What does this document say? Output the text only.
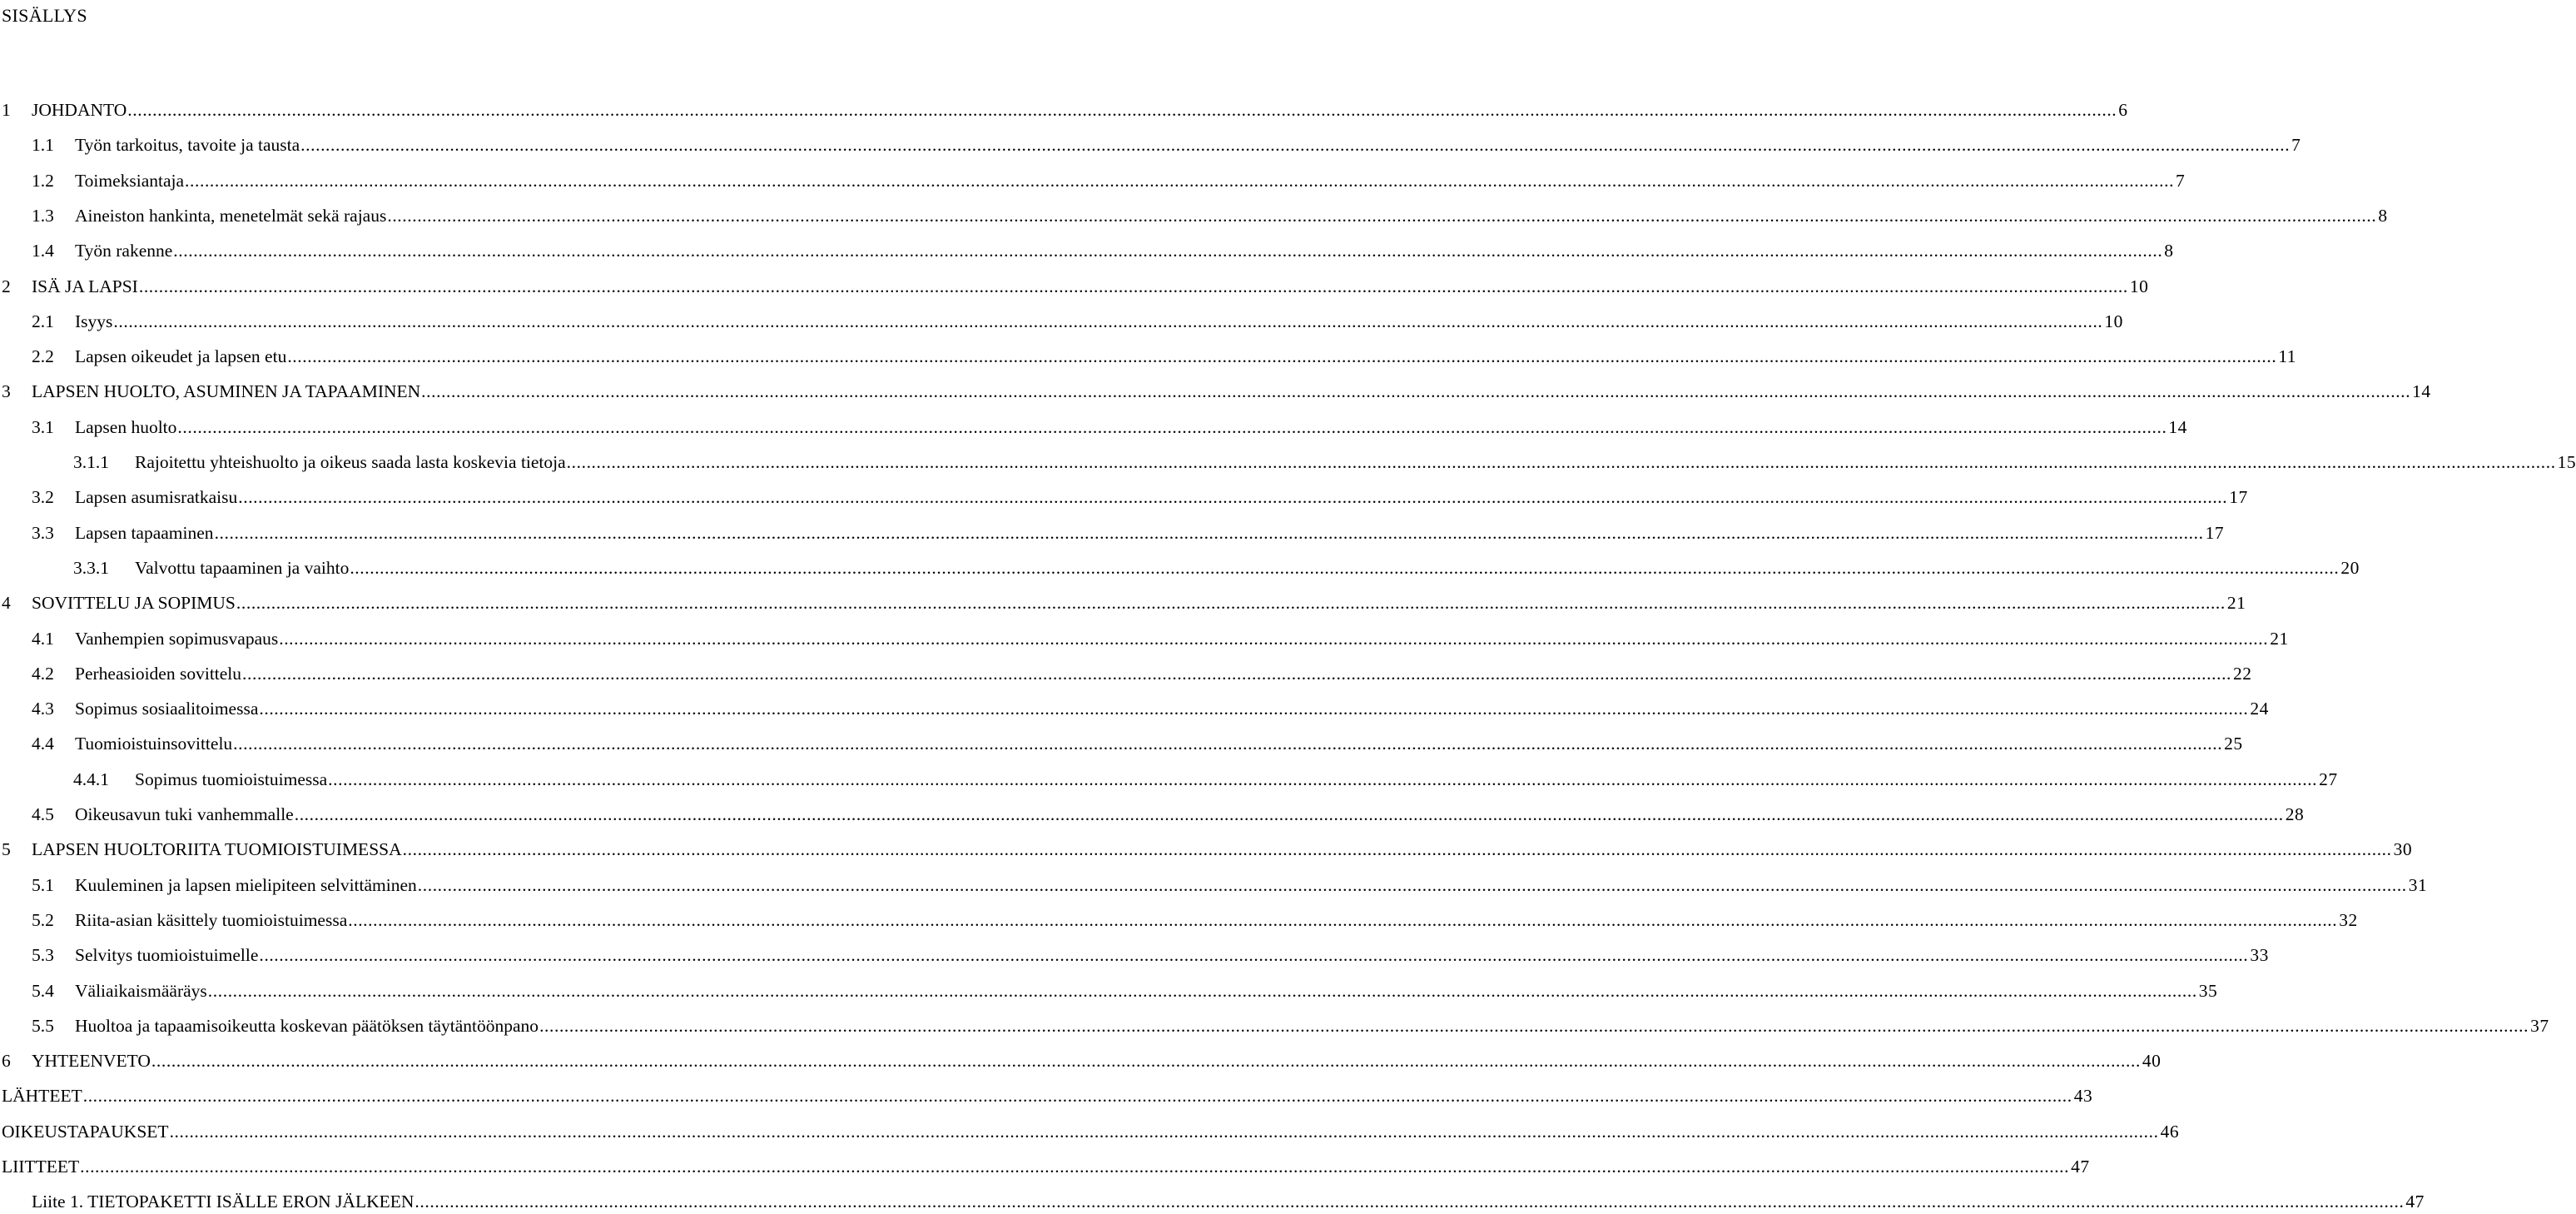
SISÄLLYS
1 JOHDANTO ................................................................................................................................................................................................................................................................................................................................................................................................................ 6
1.1 Työn tarkoitus, tavoite ja tausta ................................................................................................................................................................................................................................................................................................................................................................................................................ 7
1.2 Toimeksiantaja ................................................................................................................................................................................................................................................................................................................................................................................................................ 7
1.3 Aineiston hankinta, menetelmät sekä rajaus ................................................................................................................................................................................................................................................................................................................................................................................................................ 8
1.4 Työn rakenne ................................................................................................................................................................................................................................................................................................................................................................................................................ 8
2 ISÄ JA LAPSI ................................................................................................................................................................................................................................................................................................................................................................................................................ 10
2.1 Isyys ................................................................................................................................................................................................................................................................................................................................................................................................................ 10
2.2 Lapsen oikeudet ja lapsen etu ................................................................................................................................................................................................................................................................................................................................................................................................................ 11
3 LAPSEN HUOLTO, ASUMINEN JA TAPAAMINEN ................................................................................................................................................................................................................................................................................................................................................................................................................ 14
3.1 Lapsen huolto ................................................................................................................................................................................................................................................................................................................................................................................................................ 14
3.1.1 Rajoitettu yhteishuolto ja oikeus saada lasta koskevia tietoja ................................................................................................................................................................................................................................................................................................................................................................................................................ 15
3.2 Lapsen asumisratkaisu ................................................................................................................................................................................................................................................................................................................................................................................................................ 17
3.3 Lapsen tapaaminen ................................................................................................................................................................................................................................................................................................................................................................................................................ 17
3.3.1 Valvottu tapaaminen ja vaihto ................................................................................................................................................................................................................................................................................................................................................................................................................ 20
4 SOVITTELU JA SOPIMUS ................................................................................................................................................................................................................................................................................................................................................................................................................ 21
4.1 Vanhempien sopimusvapaus ................................................................................................................................................................................................................................................................................................................................................................................................................ 21
4.2 Perheasioiden sovittelu ................................................................................................................................................................................................................................................................................................................................................................................................................ 22
4.3 Sopimus sosiaalitoimessa ................................................................................................................................................................................................................................................................................................................................................................................................................ 24
4.4 Tuomioistuinsovittelu ................................................................................................................................................................................................................................................................................................................................................................................................................ 25
4.4.1 Sopimus tuomioistuimessa ................................................................................................................................................................................................................................................................................................................................................................................................................ 27
4.5 Oikeusavun tuki vanhemmalle ................................................................................................................................................................................................................................................................................................................................................................................................................ 28
5 LAPSEN HUOLTORIITA TUOMIOISTUIMESSA ................................................................................................................................................................................................................................................................................................................................................................................................................ 30
5.1 Kuuleminen ja lapsen mielipiteen selvittäminen ................................................................................................................................................................................................................................................................................................................................................................................................................ 31
5.2 Riita-asian käsittely tuomioistuimessa ................................................................................................................................................................................................................................................................................................................................................................................................................ 32
5.3 Selvitys tuomioistuimelle ................................................................................................................................................................................................................................................................................................................................................................................................................ 33
5.4 Väliaikaismääräys ................................................................................................................................................................................................................................................................................................................................................................................................................ 35
5.5 Huoltoa ja tapaamisoikeutta koskevan päätöksen täytäntöönpano ................................................................................................................................................................................................................................................................................................................................................................................................................ 37
6 YHTEENVETO ................................................................................................................................................................................................................................................................................................................................................................................................................ 40
LÄHTEET ................................................................................................................................................................................................................................................................................................................................................................................................................ 43
OIKEUSTAPAUKSET ................................................................................................................................................................................................................................................................................................................................................................................................................ 46
LIITTEET ................................................................................................................................................................................................................................................................................................................................................................................................................ 47
Liite 1. TIETOPAKETTI ISÄLLE ERON JÄLKEEN ................................................................................................................................................................................................................................................................................................................................................................................................................ 47
